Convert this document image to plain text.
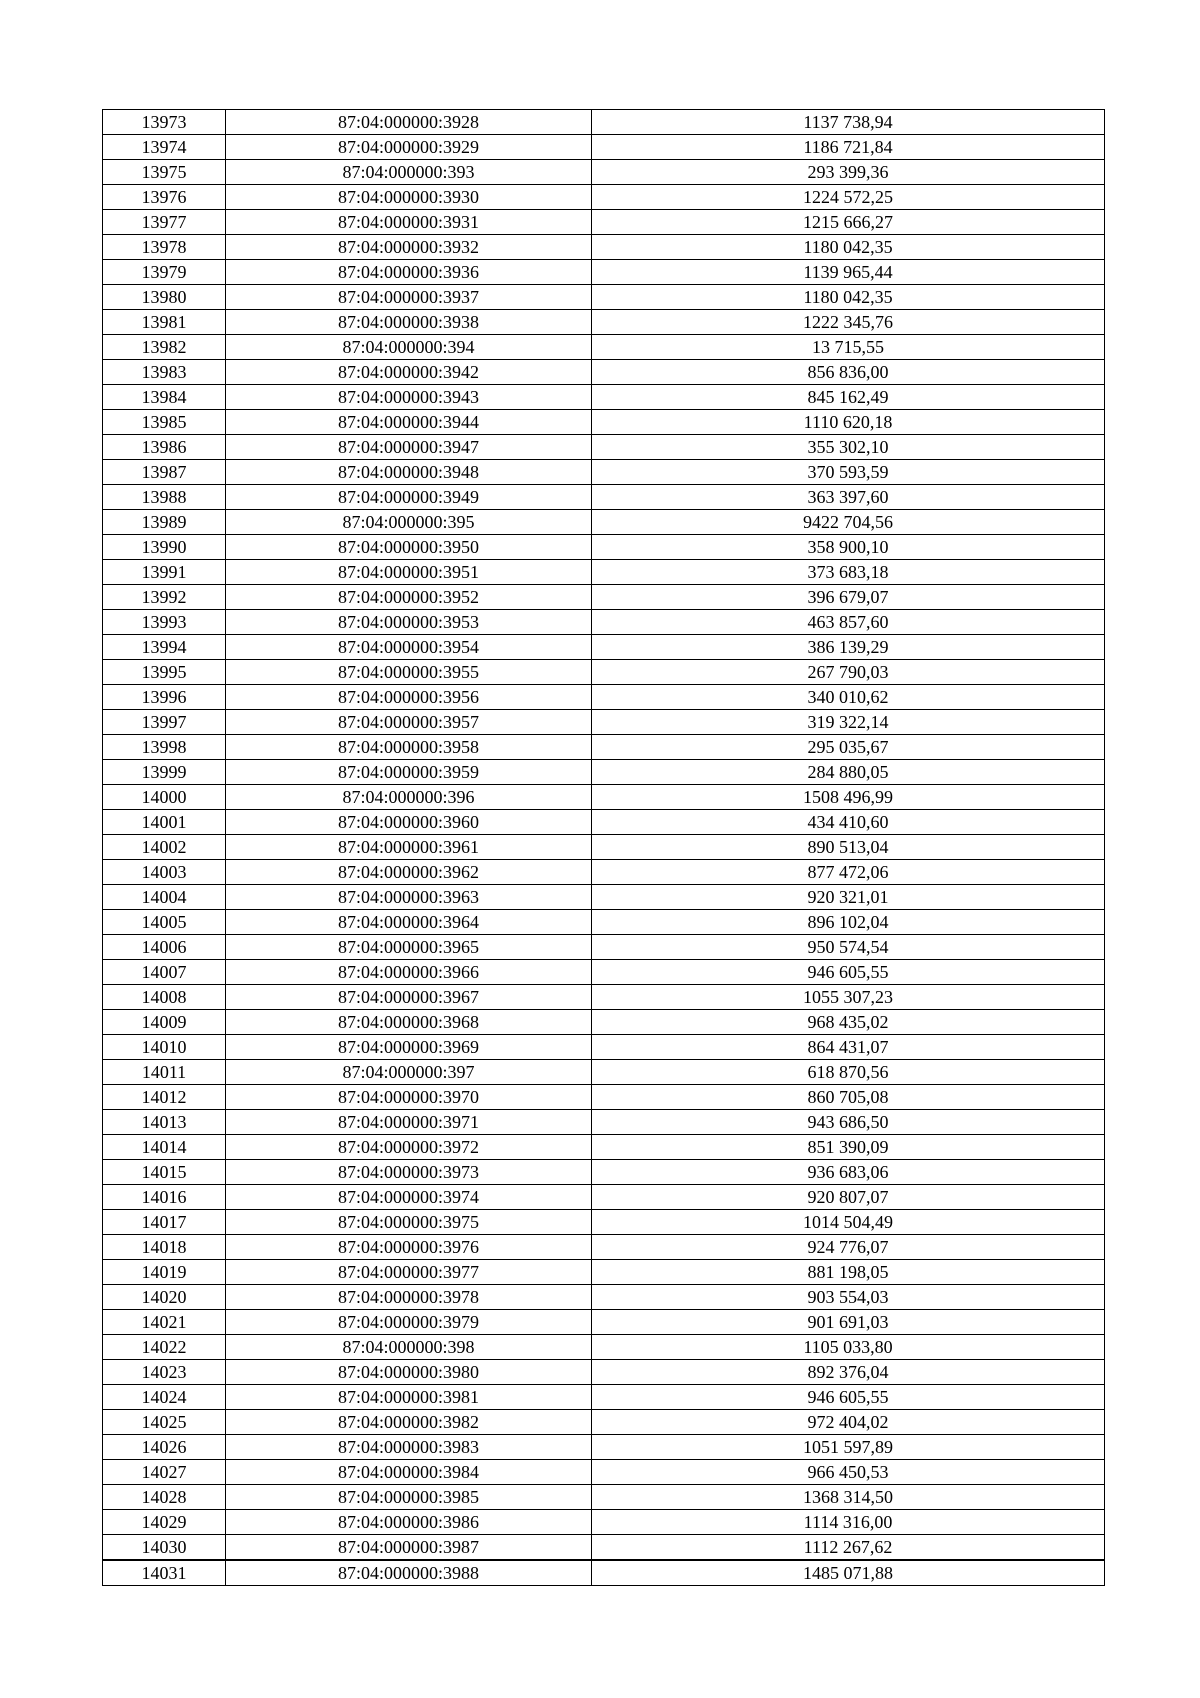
13973	87:04:000000:3928	1137 738,94
13974	87:04:000000:3929	1186 721,84
13975	87:04:000000:393	293 399,36
13976	87:04:000000:3930	1224 572,25
13977	87:04:000000:3931	1215 666,27
13978	87:04:000000:3932	1180 042,35
13979	87:04:000000:3936	1139 965,44
13980	87:04:000000:3937	1180 042,35
13981	87:04:000000:3938	1222 345,76
13982	87:04:000000:394	13 715,55
13983	87:04:000000:3942	856 836,00
13984	87:04:000000:3943	845 162,49
13985	87:04:000000:3944	1110 620,18
13986	87:04:000000:3947	355 302,10
13987	87:04:000000:3948	370 593,59
13988	87:04:000000:3949	363 397,60
13989	87:04:000000:395	9422 704,56
13990	87:04:000000:3950	358 900,10
13991	87:04:000000:3951	373 683,18
13992	87:04:000000:3952	396 679,07
13993	87:04:000000:3953	463 857,60
13994	87:04:000000:3954	386 139,29
13995	87:04:000000:3955	267 790,03
13996	87:04:000000:3956	340 010,62
13997	87:04:000000:3957	319 322,14
13998	87:04:000000:3958	295 035,67
13999	87:04:000000:3959	284 880,05
14000	87:04:000000:396	1508 496,99
14001	87:04:000000:3960	434 410,60
14002	87:04:000000:3961	890 513,04
14003	87:04:000000:3962	877 472,06
14004	87:04:000000:3963	920 321,01
14005	87:04:000000:3964	896 102,04
14006	87:04:000000:3965	950 574,54
14007	87:04:000000:3966	946 605,55
14008	87:04:000000:3967	1055 307,23
14009	87:04:000000:3968	968 435,02
14010	87:04:000000:3969	864 431,07
14011	87:04:000000:397	618 870,56
14012	87:04:000000:3970	860 705,08
14013	87:04:000000:3971	943 686,50
14014	87:04:000000:3972	851 390,09
14015	87:04:000000:3973	936 683,06
14016	87:04:000000:3974	920 807,07
14017	87:04:000000:3975	1014 504,49
14018	87:04:000000:3976	924 776,07
14019	87:04:000000:3977	881 198,05
14020	87:04:000000:3978	903 554,03
14021	87:04:000000:3979	901 691,03
14022	87:04:000000:398	1105 033,80
14023	87:04:000000:3980	892 376,04
14024	87:04:000000:3981	946 605,55
14025	87:04:000000:3982	972 404,02
14026	87:04:000000:3983	1051 597,89
14027	87:04:000000:3984	966 450,53
14028	87:04:000000:3985	1368 314,50
14029	87:04:000000:3986	1114 316,00
14030	87:04:000000:3987	1112 267,62
14031	87:04:000000:3988	1485 071,88
